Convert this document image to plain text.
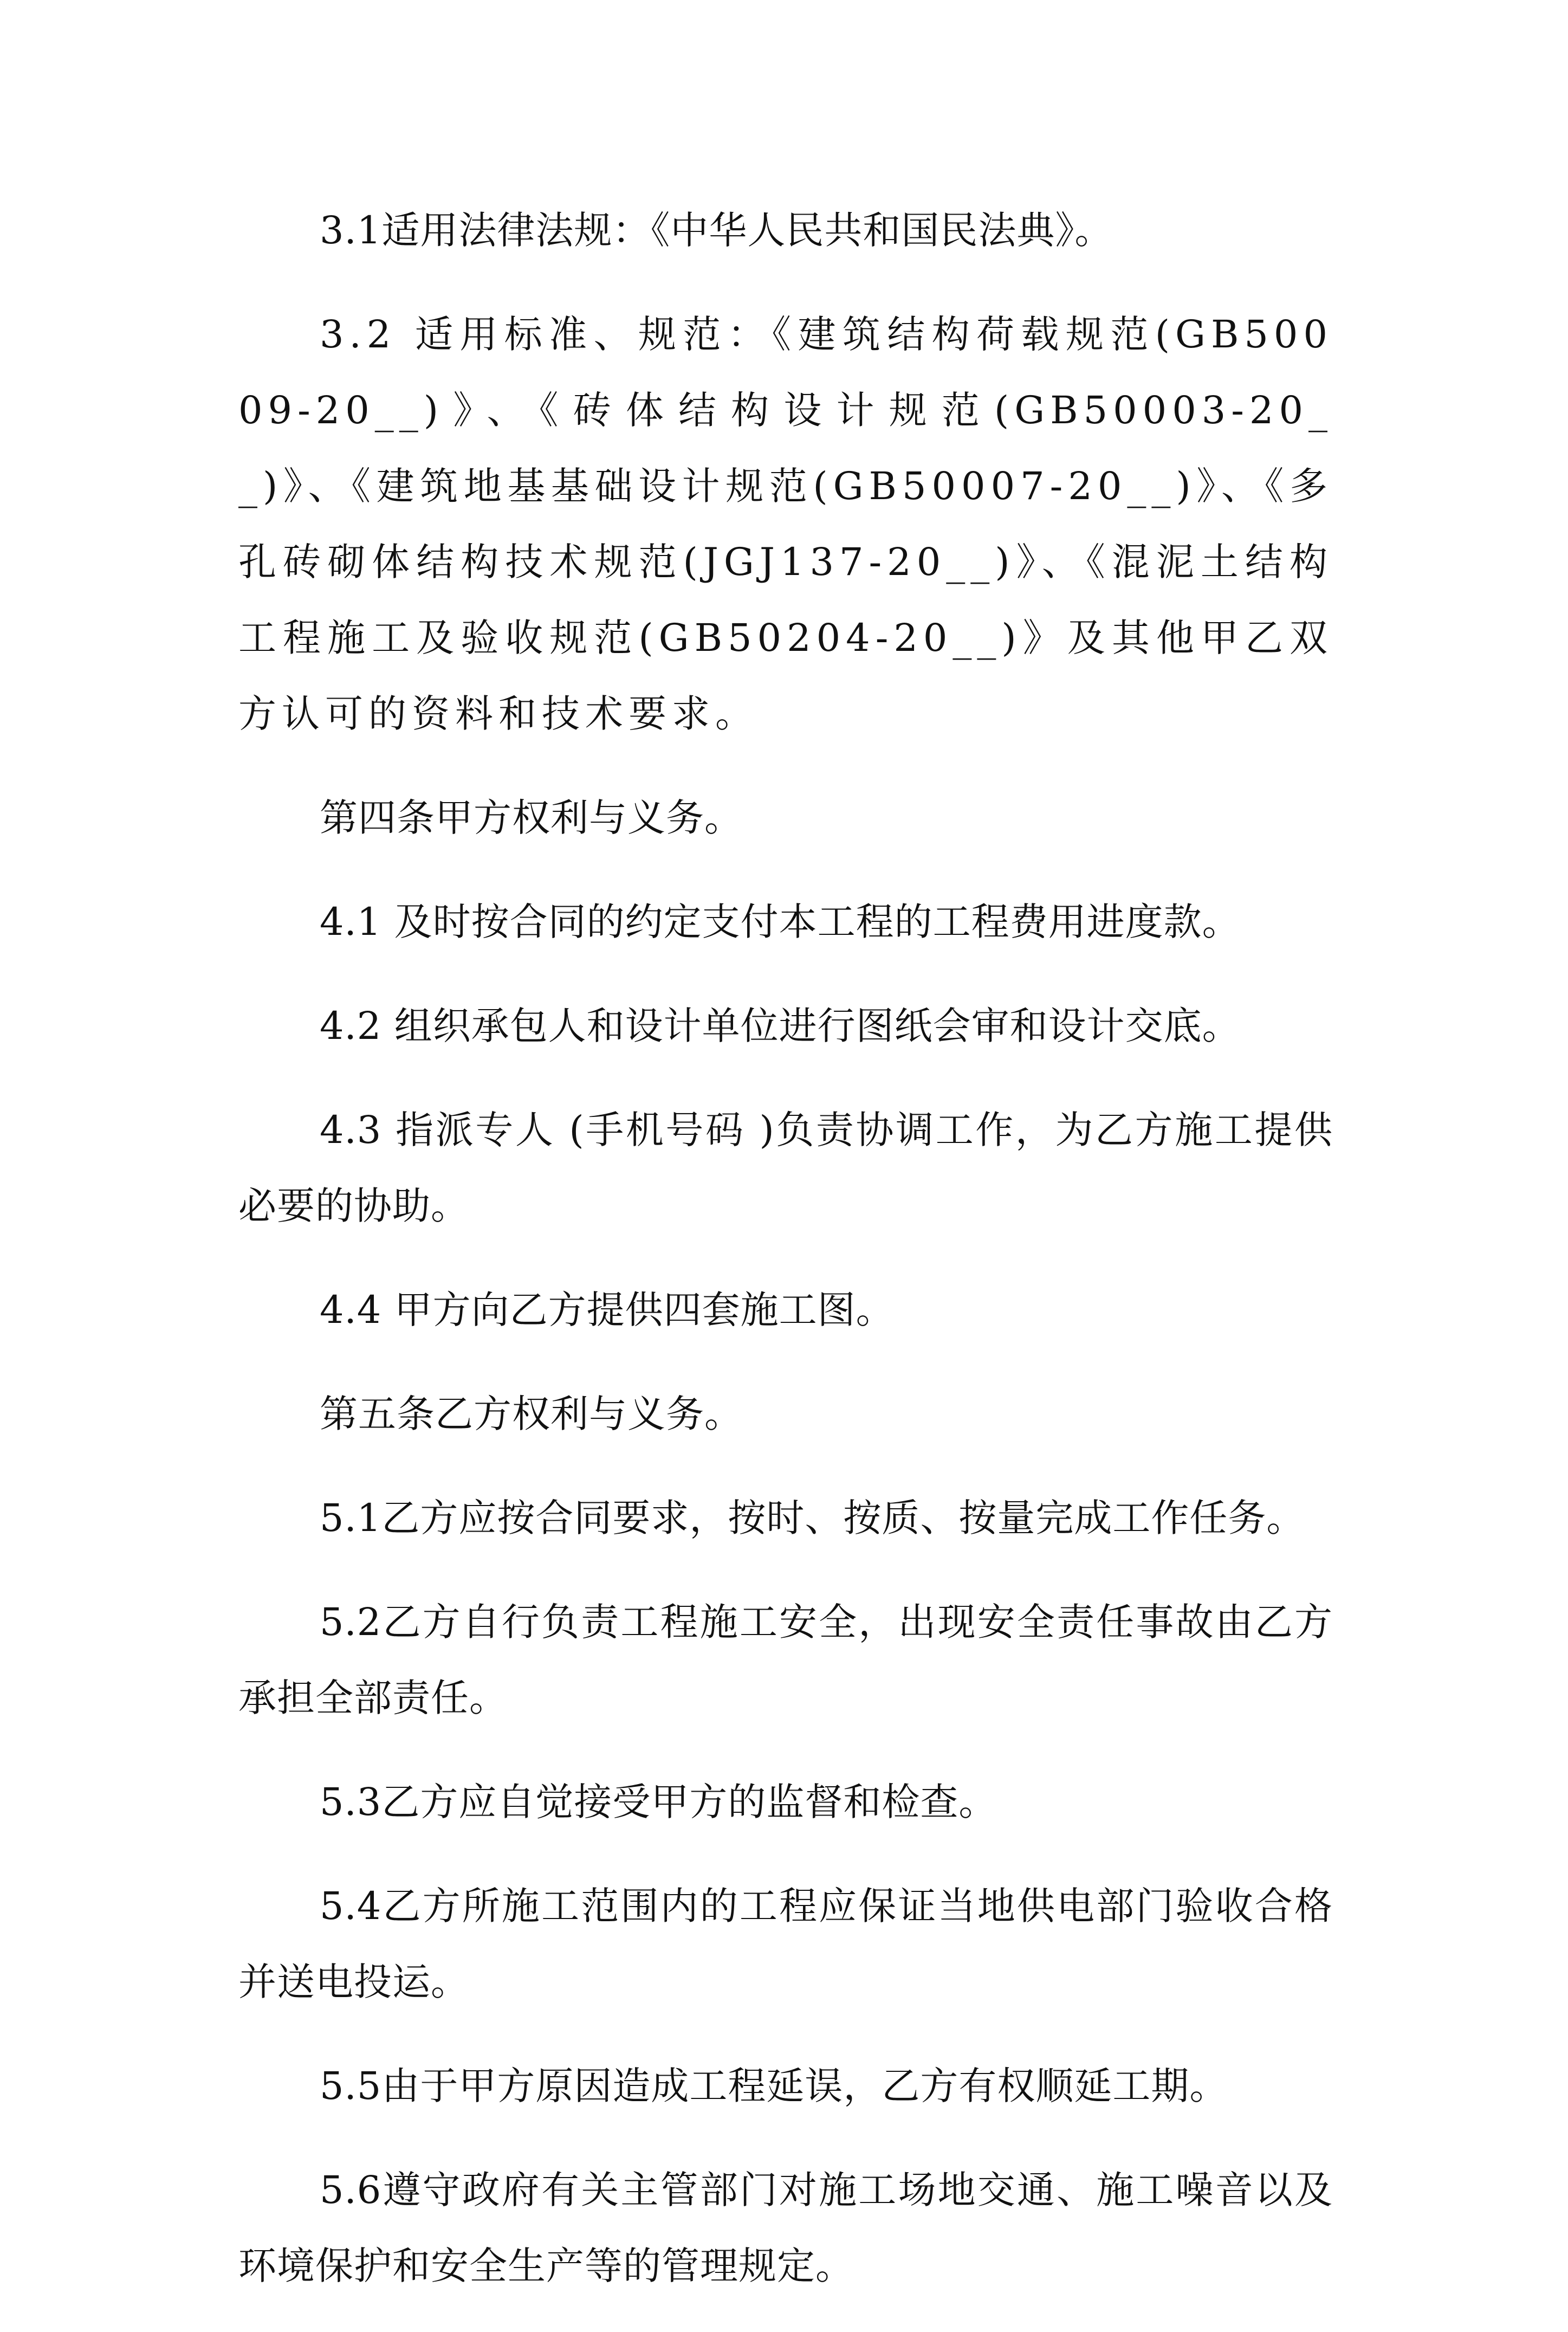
3.1适用法律法规：《中华人民共和国民法典》。

3.2 适用标准、规范：《建筑结构荷载规范(GB50009-20__)》、《砖体结构设计规范(GB50003-20__)》、《建筑地基基础设计规范(GB50007-20__)》、《多孔砖砌体结构技术规范(JGJ137-20__)》、《混泥土结构工程施工及验收规范(GB50204-20__)》及其他甲乙双方认可的资料和技术要求。

第四条甲方权利与义务。

4.1 及时按合同的约定支付本工程的工程费用进度款。

4.2 组织承包人和设计单位进行图纸会审和设计交底。

4.3 指派专人 (手机号码 )负责协调工作，为乙方施工提供必要的协助。

4.4 甲方向乙方提供四套施工图。

第五条乙方权利与义务。

5.1乙方应按合同要求，按时、按质、按量完成工作任务。

5.2乙方自行负责工程施工安全，出现安全责任事故由乙方承担全部责任。

5.3乙方应自觉接受甲方的监督和检查。

5.4乙方所施工范围内的工程应保证当地供电部门验收合格并送电投运。

5.5由于甲方原因造成工程延误，乙方有权顺延工期。

5.6遵守政府有关主管部门对施工场地交通、施工噪音以及环境保护和安全生产等的管理规定。
